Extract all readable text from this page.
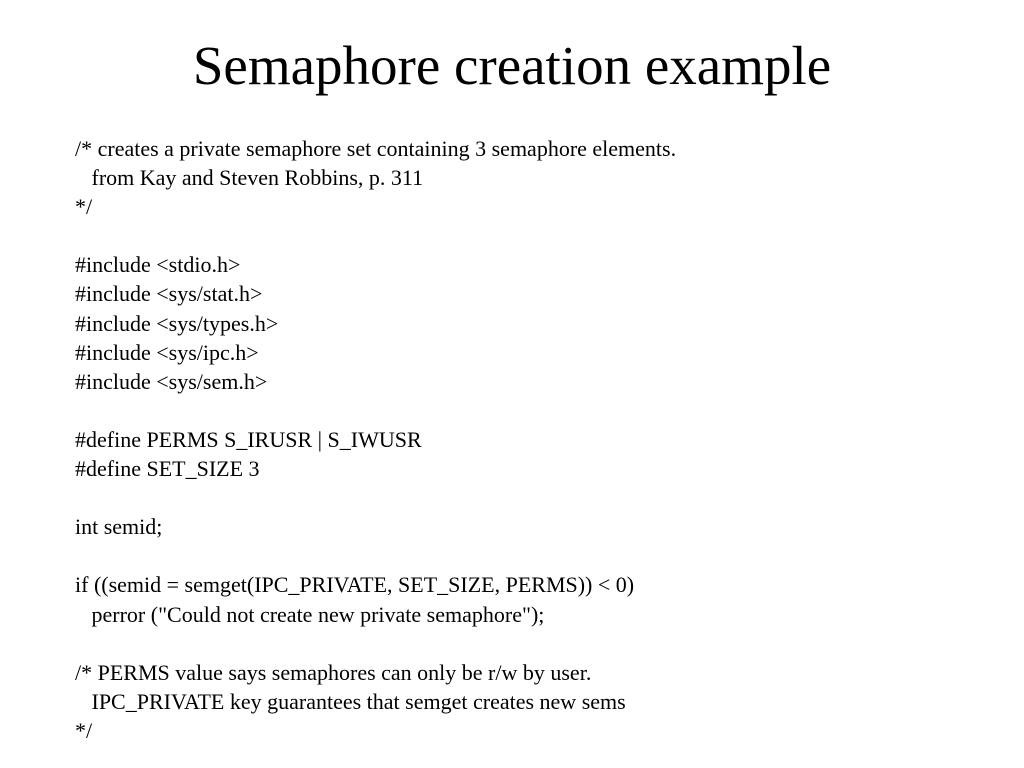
Semaphore creation example
/* creates a private semaphore set containing 3 semaphore elements.
from Kay and Steven Robbins, p. 311
*/
#include <stdio.h>
#include <sys/stat.h>
#include <sys/types.h>
#include <sys/ipc.h>
#include <sys/sem.h>
#define PERMS S_IRUSR | S_IWUSR
#define SET_SIZE 3
int semid;
if ((semid = semget(IPC_PRIVATE, SET_SIZE, PERMS)) < 0)
perror ("Could not create new private semaphore");
/* PERMS value says semaphores can only be r/w by user.
IPC_PRIVATE key guarantees that semget creates new sems
*/
